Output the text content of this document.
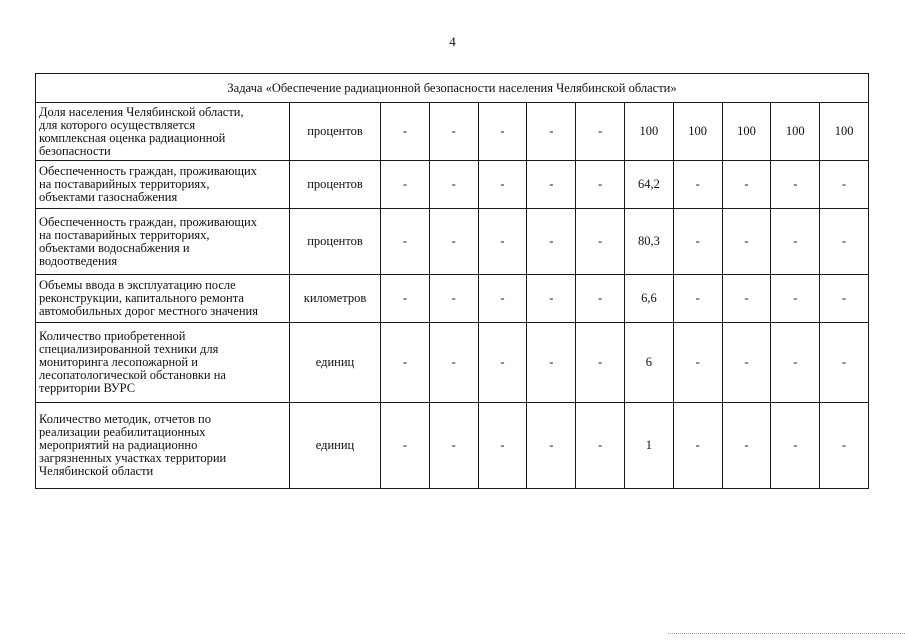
4
Задача «Обеспечение радиационной безопасности населения Челябинской области»											

Доля населения Челябинской области,
для которого осуществляется
комплексная оценка радиационной
безопасности	процентов	-	-	-	-	-	100	100	100	100	100

Обеспеченность граждан, проживающих
на поставарийных территориях,
объектами газоснабжения	процентов	-	-	-	-	-	64,2	-	-	-	-

Обеспеченность граждан, проживающих
на поставарийных территориях,
объектами водоснабжения и
водоотведения	процентов	-	-	-	-	-	80,3	-	-	-	-

Объемы ввода в эксплуатацию после
реконструкции, капитального ремонта
автомобильных дорог местного значения	километров	-	-	-	-	-	6,6	-	-	-	-

Количество приобретенной
специализированной техники для
мониторинга лесопожарной и
лесопатологической обстановки на
территории ВУРС	единиц	-	-	-	-	-	6	-	-	-	-

Количество методик, отчетов по
реализации реабилитационных
мероприятий на радиационно
загрязненных участках территории
Челябинской области	единиц	-	-	-	-	-	1	-	-	-	-
